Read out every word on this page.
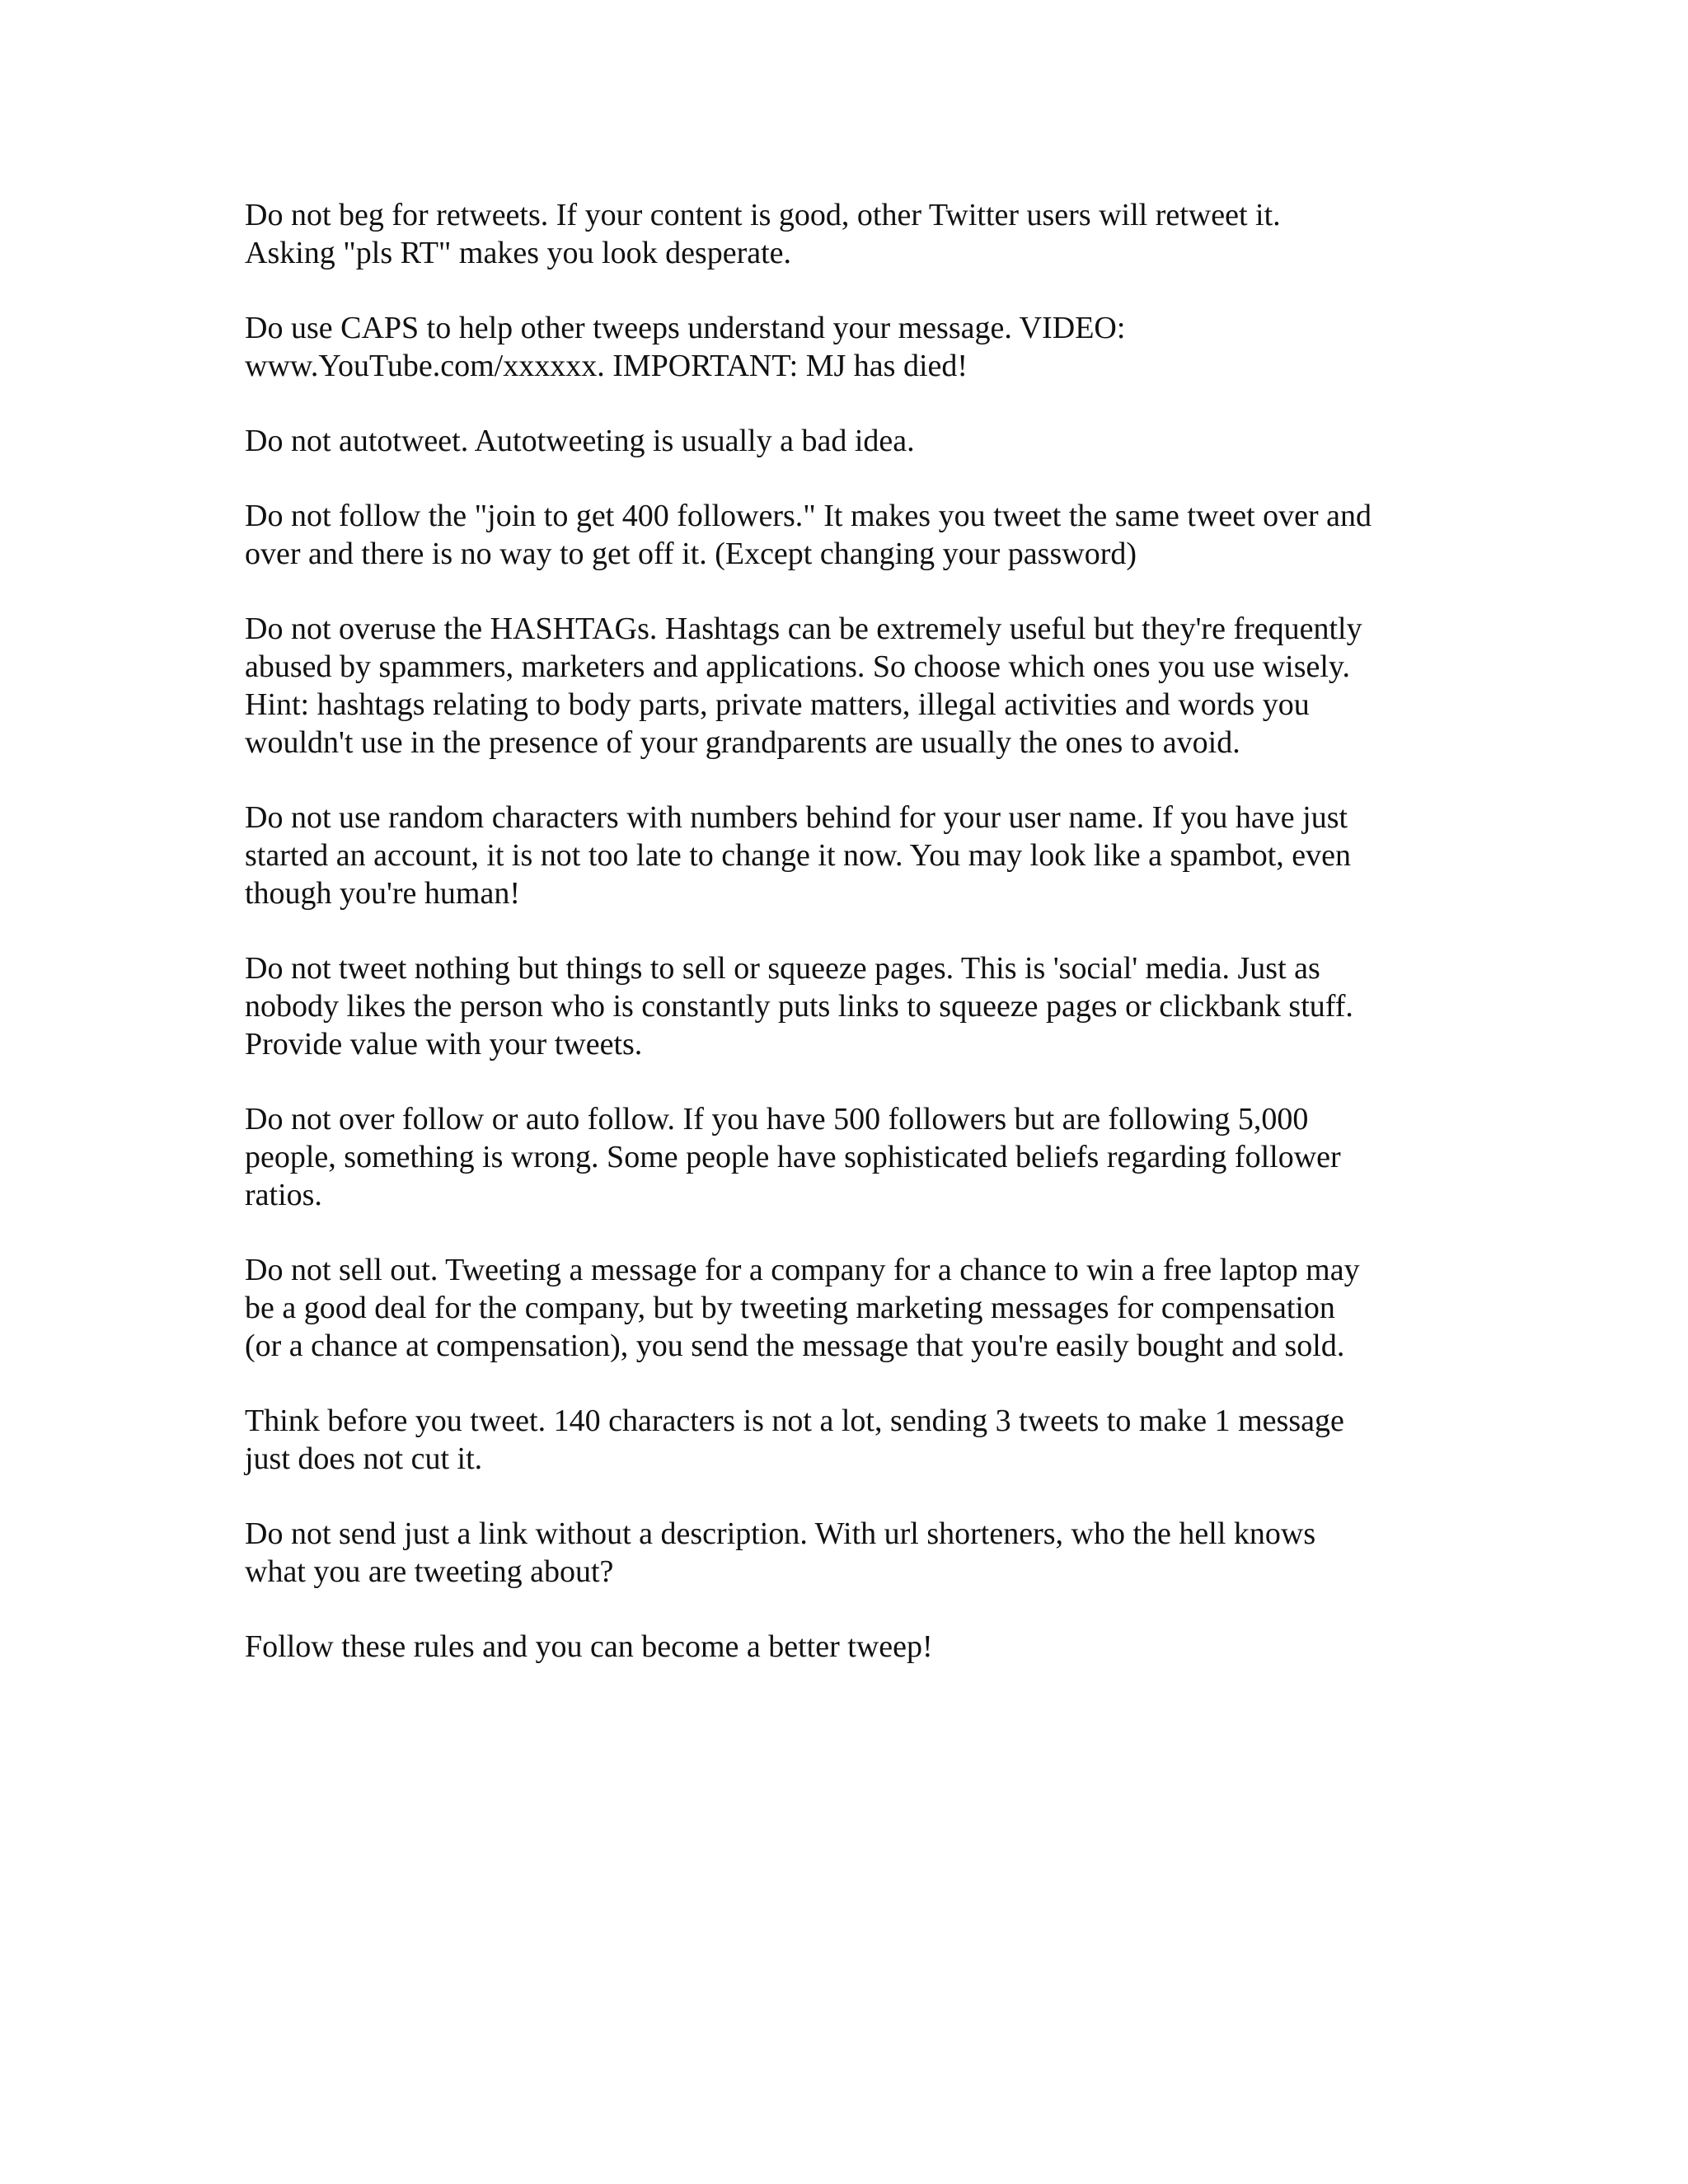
Do not beg for retweets. If your content is good, other Twitter users will retweet it.
Asking "pls RT" makes you look desperate.
Do use CAPS to help other tweeps understand your message. VIDEO:
www.YouTube.com/xxxxxx. IMPORTANT: MJ has died!
Do not autotweet. Autotweeting is usually a bad idea.
Do not follow the "join to get 400 followers." It makes you tweet the same tweet over and
over and there is no way to get off it. (Except changing your password)
Do not overuse the HASHTAGs. Hashtags can be extremely useful but they're frequently
abused by spammers, marketers and applications. So choose which ones you use wisely.
Hint: hashtags relating to body parts, private matters, illegal activities and words you
wouldn't use in the presence of your grandparents are usually the ones to avoid.
Do not use random characters with numbers behind for your user name. If you have just
started an account, it is not too late to change it now. You may look like a spambot, even
though you're human!
Do not tweet nothing but things to sell or squeeze pages. This is 'social' media. Just as
nobody likes the person who is constantly puts links to squeeze pages or clickbank stuff.
Provide value with your tweets.
Do not over follow or auto follow. If you have 500 followers but are following 5,000
people, something is wrong. Some people have sophisticated beliefs regarding follower
ratios.
Do not sell out. Tweeting a message for a company for a chance to win a free laptop may
be a good deal for the company, but by tweeting marketing messages for compensation
(or a chance at compensation), you send the message that you're easily bought and sold.
Think before you tweet. 140 characters is not a lot, sending 3 tweets to make 1 message
just does not cut it.
Do not send just a link without a description. With url shorteners, who the hell knows
what you are tweeting about?
Follow these rules and you can become a better tweep!
